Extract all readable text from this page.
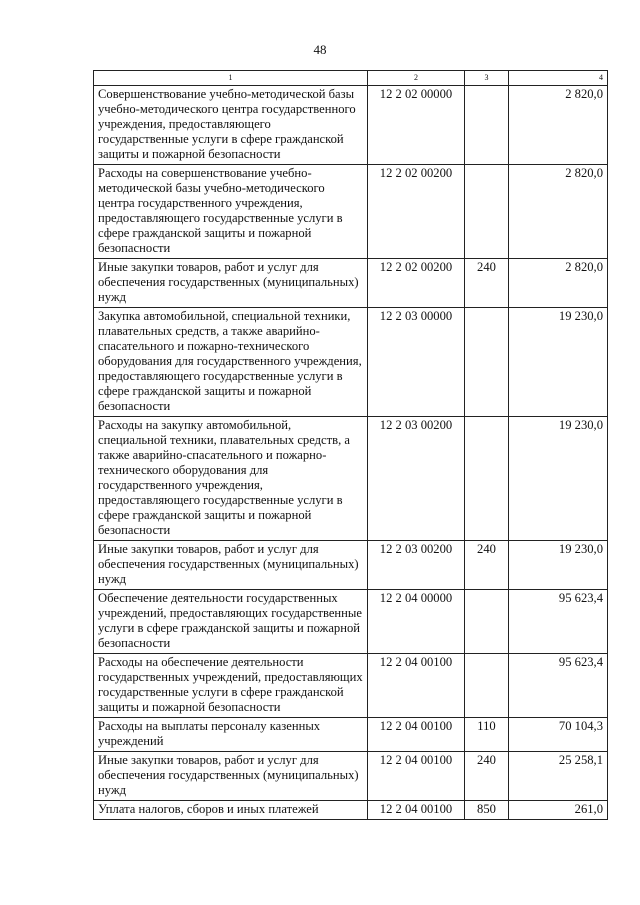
48
1	2	3	4
Совершенствование учебно-методической базы учебно-методического центра государственного учреждения, предоставляющего государственные услуги в сфере гражданской защиты и пожарной безопасности	12 2 02 00000		2 820,0
Расходы на совершенствование учебно-методической базы учебно-методического центра государственного учреждения, предоставляющего государственные услуги в сфере гражданской защиты и пожарной безопасности	12 2 02 00200		2 820,0
Иные закупки товаров, работ и услуг для обеспечения государственных (муниципальных) нужд	12 2 02 00200	240	2 820,0
Закупка автомобильной, специальной техники, плавательных средств, а также аварийно-спасательного и пожарно-технического оборудования для государственного учреждения, предоставляющего государственные услуги в сфере гражданской защиты и пожарной безопасности	12 2 03 00000		19 230,0
Расходы на закупку автомобильной, специальной техники, плавательных средств, а также аварийно-спасательного и пожарно-технического оборудования для государственного учреждения, предоставляющего государственные услуги в сфере гражданской защиты и пожарной безопасности	12 2 03 00200		19 230,0
Иные закупки товаров, работ и услуг для обеспечения государственных (муниципальных) нужд	12 2 03 00200	240	19 230,0
Обеспечение деятельности государственных учреждений, предоставляющих государственные услуги в сфере гражданской защиты и пожарной безопасности	12 2 04 00000		95 623,4
Расходы на обеспечение деятельности государственных учреждений, предоставляющих государственные услуги в сфере гражданской защиты и пожарной безопасности	12 2 04 00100		95 623,4
Расходы на выплаты персоналу казенных учреждений	12 2 04 00100	110	70 104,3
Иные закупки товаров, работ и услуг для обеспечения государственных (муниципальных) нужд	12 2 04 00100	240	25 258,1
Уплата налогов, сборов и иных платежей	12 2 04 00100	850	261,0
